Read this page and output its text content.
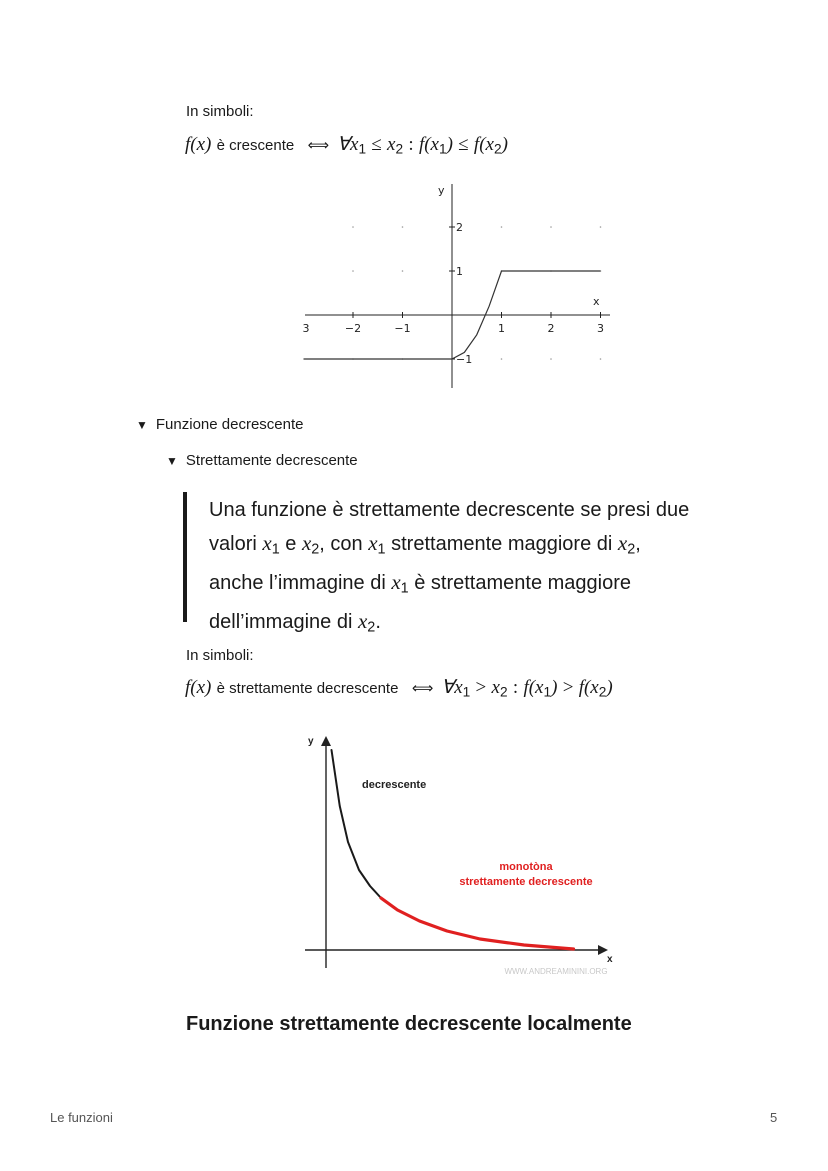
In simboli:
f(x) è crescente ⟺ $\forall x_1 \le x_2$ : $f(x_1) \le f(x_2)$
y
x
−2	−1	1	2	3
3
2
1
−1
▼ Funzione decrescente
▼ Strettamente decrescente
Una funzione è strettamente decrescente se presi due
valori $x_1$ e $x_2$, con $x_1$ strettamente maggiore di $x_2$,
anche l’immagine di $x_1$ è strettamente maggiore
dell’immagine di $x_2$.
In simboli:
f(x) è strettamente decrescente ⟺ $\forall x_1 > x_2$ : $f(x_1) > f(x_2)$
y
x
decrescente
monotòna
strettamente decrescente
WWW.ANDREAMININI.ORG
Funzione strettamente decrescente localmente
Le funzioni	5
